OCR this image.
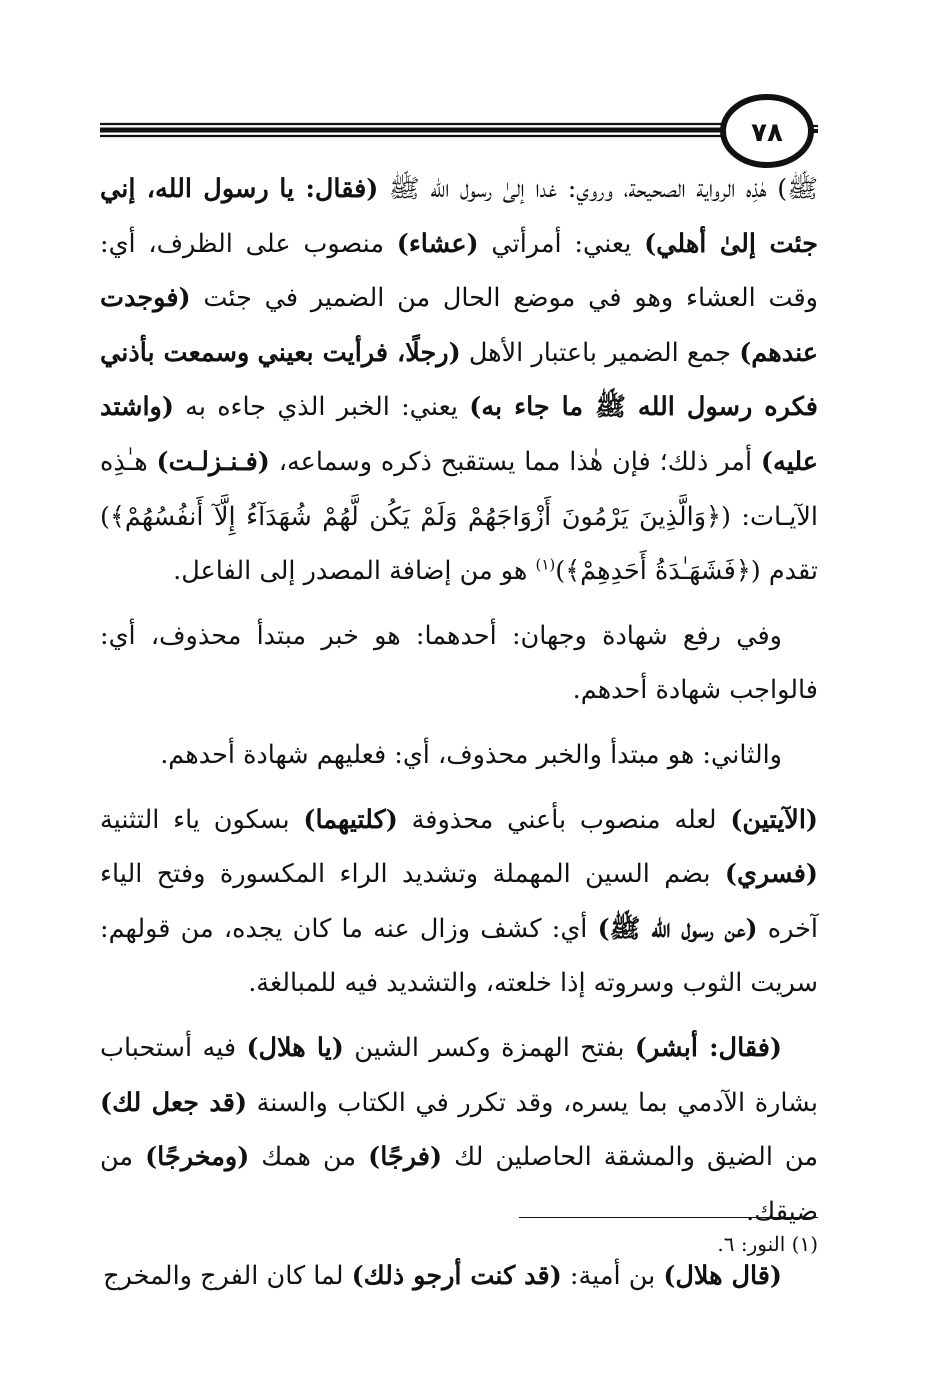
٧٨

ﷺ) هٰذِه الرواية الصحيحة، وروي: غدا إلىٰ رسول الله ﷺ (فقال: يا رسول الله، إني جئت إلىٰ أهلي) يعني: أمرأتي (عشاء) منصوب على الظرف، أي: وقت العشاء وهو في موضع الحال من الضمير في جئت (فوجدت عندهم) جمع الضمير باعتبار الأهل (رجلًا، فرأيت بعيني وسمعت بأذني فكره رسول الله ﷺ ما جاء به) يعني: الخبر الذي جاءه به (واشتد عليه) أمر ذلك؛ فإن هٰذا مما يستقبح ذكره وسماعه، (فـنـزلـت) هـٰذِه الآيـات: (﴿وَالَّذِينَ يَرْمُونَ أَزْوَاجَهُمْ وَلَمْ يَكُن لَّهُمْ شُهَدَآءُ إِلَّآ أَنفُسُهُمْ﴾) تقدم (﴿فَشَهَـٰدَةُ أَحَدِهِمْ﴾)$^{(١)}$ هو من إضافة المصدر إلى الفاعل.

وفي رفع شهادة وجهان: أحدهما: هو خبر مبتدأ محذوف، أي: فالواجب شهادة أحدهم.

والثاني: هو مبتدأ والخبر محذوف، أي: فعليهم شهادة أحدهم.

(الآيتين) لعله منصوب بأعني محذوفة (كلتيهما) بسكون ياء التثنية (فسري) بضم السين المهملة وتشديد الراء المكسورة وفتح الياء آخره (عن رسول الله ﷺ) أي: كشف وزال عنه ما كان يجده، من قولهم: سريت الثوب وسروته إذا خلعته، والتشديد فيه للمبالغة.

(فقال: أبشر) بفتح الهمزة وكسر الشين (يا هلال) فيه أستحباب بشارة الآدمي بما يسره، وقد تكرر في الكتاب والسنة (قد جعل لك) من الضيق والمشقة الحاصلين لك (فرجًا) من همك (ومخرجًا) من ضيقك.

(قال هلال) بن أمية: (قد كنت أرجو ذلك) لما كان الفرج والمخرج

(١) النور: ٦.
